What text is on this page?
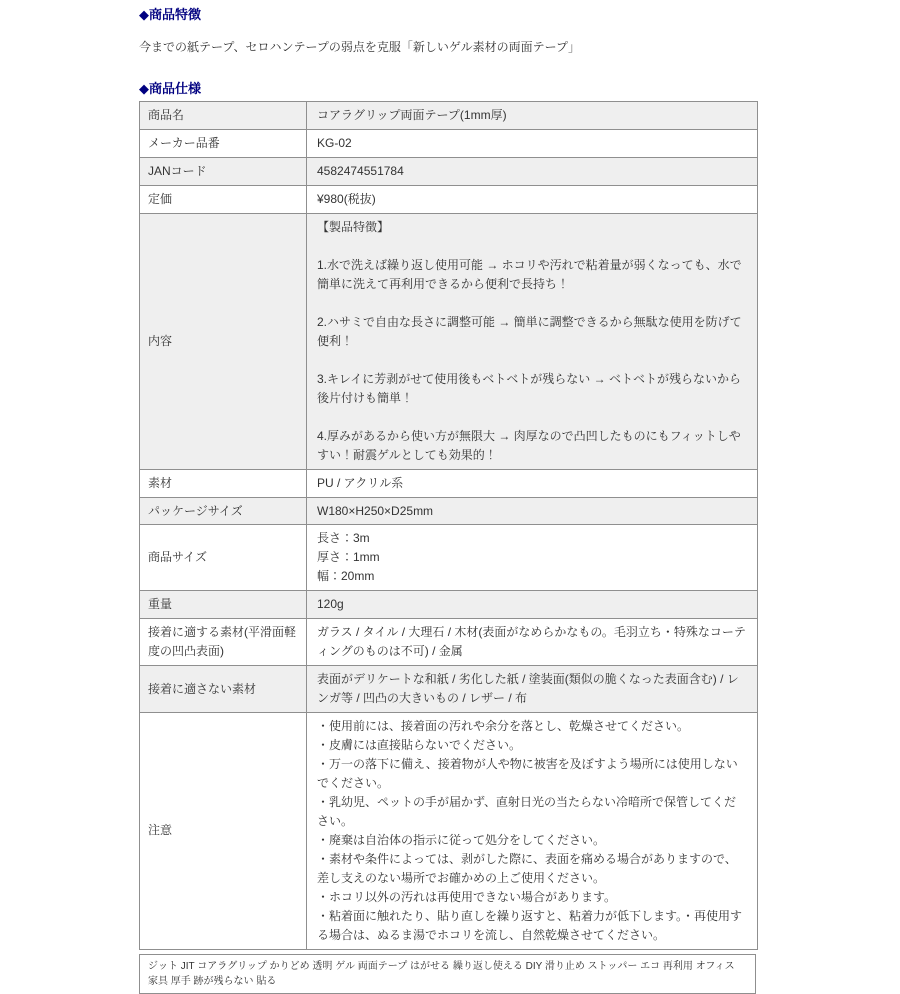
◆商品特徴

今までの紙テープ、セロハンテープの弱点を克服「新しいゲル素材の両面テープ」

◆商品仕様
商品名	コアラグリップ両面テープ(1mm厚)
メーカー品番	KG-02
JANコード	4582474551784
定価	¥980(税抜)
内容	【製品特徴】

1.水で洗えば繰り返し使用可能 → ホコリや汚れで粘着量が弱くなっても、水で簡単に洗えて再利用できるから便利で長持ち！

2.ハサミで自由な長さに調整可能 → 簡単に調整できるから無駄な使用を防げて便利！

3.キレイに芳剥がせて使用後もベトベトが残らない → ベトベトが残らないから後片付けも簡単！

4.厚みがあるから使い方が無限大 → 肉厚なので凸凹したものにもフィットしやすい！耐震ゲルとしても効果的！

素材	PU / アクリル系
パッケージサイズ	W180×H250×D25mm
商品サイズ	長さ：3m
厚さ：1mm
幅：20mm

重量	120g
接着に適する素材(平滑面軽度の凹凸表面)	ガラス / タイル / 大理石 / 木材(表面がなめらかなもの。毛羽立ち・特殊なコーティングのものは不可) / 金属
接着に適さない素材	表面がデリケートな和紙 / 劣化した紙 / 塗装面(類似の脆くなった表面含む) / レンガ等 / 凹凸の大きいもの / レザー / 布
注意	
・使用前には、接着面の汚れや余分を落とし、乾燥させてください。
・皮膚には直接貼らないでください。
・万一の落下に備え、接着物が人や物に被害を及ぼすよう場所には使用しないでください。
・乳幼児、ペットの手が届かず、直射日光の当たらない冷暗所で保管してください。
・廃棄は自治体の指示に従って処分をしてください。
・素材や条件によっては、剥がした際に、表面を痛める場合がありますので、差し支えのない場所でお確かめの上ご使用ください。
・ホコリ以外の汚れは再使用できない場合があります。
・粘着面に触れたり、貼り直しを繰り返すと、粘着力が低下します。・再使用する場合は、ぬるま湯でホコリを流し、自然乾燥させてください。
ジット JIT コアラグリップ かりどめ 透明 ゲル 両面テープ はがせる 繰り返し使える DIY 滑り止め ストッパー エコ 再利用 オフィス 家具 厚手 跡が残らない 貼る
